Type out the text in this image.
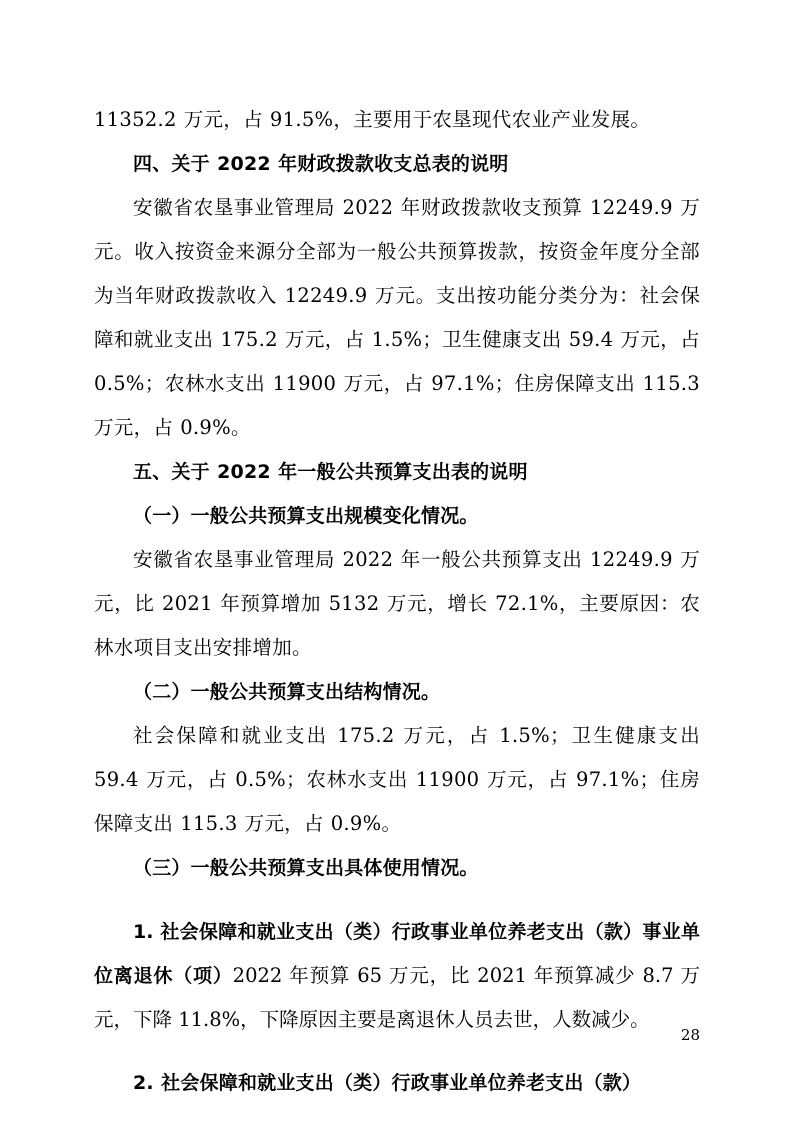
11352.2 万元，占 91.5%，主要用于农垦现代农业产业发展。

四、关于 2022 年财政拨款收支总表的说明

安徽省农垦事业管理局 2022 年财政拨款收支预算 12249.9 万元。收入按资金来源分全部为一般公共预算拨款，按资金年度分全部为当年财政拨款收入 12249.9 万元。支出按功能分类分为：社会保障和就业支出 175.2 万元，占 1.5%；卫生健康支出 59.4 万元，占 0.5%；农林水支出 11900 万元，占 97.1%；住房保障支出 115.3 万元，占 0.9%。

五、关于 2022 年一般公共预算支出表的说明

（一）一般公共预算支出规模变化情况。

安徽省农垦事业管理局 2022 年一般公共预算支出 12249.9 万元，比 2021 年预算增加 5132 万元，增长 72.1%，主要原因：农林水项目支出安排增加。

（二）一般公共预算支出结构情况。

社会保障和就业支出 175.2 万元，占 1.5%；卫生健康支出 59.4 万元，占 0.5%；农林水支出 11900 万元，占 97.1%；住房保障支出 115.3 万元，占 0.9%。

（三）一般公共预算支出具体使用情况。

1. 社会保障和就业支出（类）行政事业单位养老支出（款）事业单位离退休（项）2022 年预算 65 万元，比 2021 年预算减少 8.7 万元，下降 11.8%，下降原因主要是离退休人员去世，人数减少。

2. 社会保障和就业支出（类）行政事业单位养老支出（款）

28
